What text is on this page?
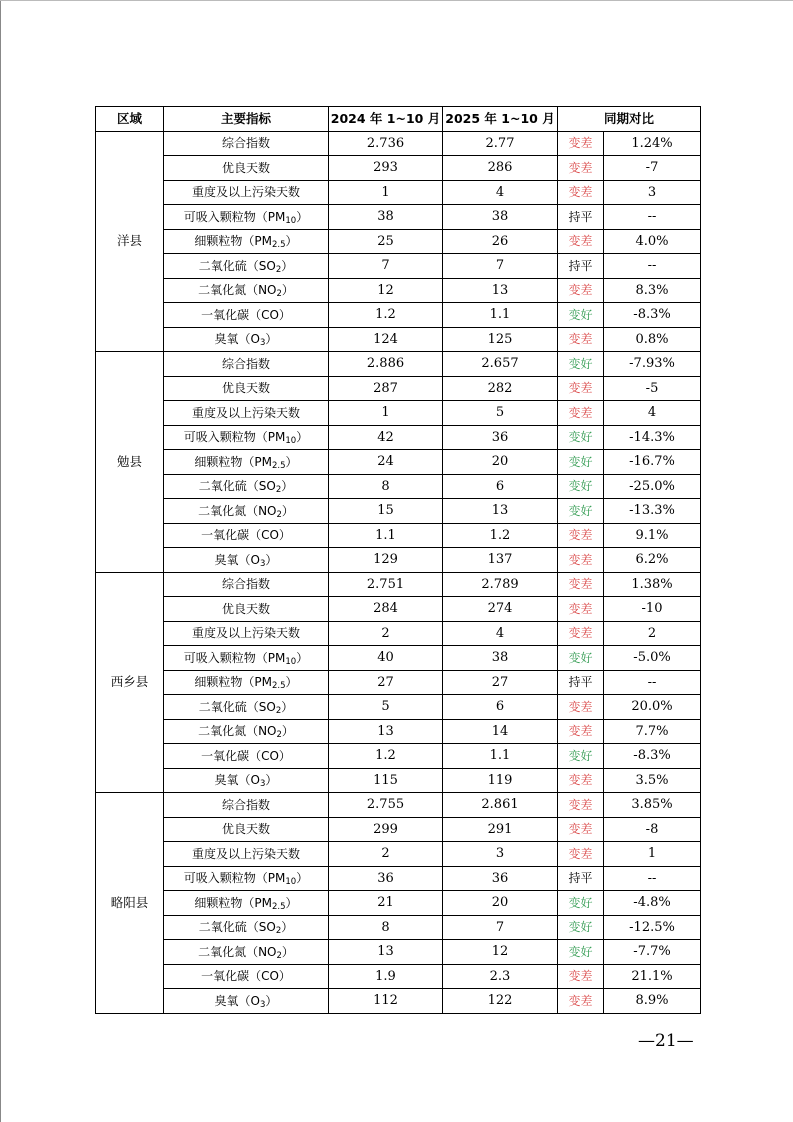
区域	主要指标	2024 年 1~10 月	2025 年 1~10 月	同期对比	
洋县	综合指数	2.736	2.77	变差	1.24%
	优良天数	293	286	变差	-7
	重度及以上污染天数	1	4	变差	3
	可吸入颗粒物$(PM_{10})$	38	38	持平	--
	细颗粒物$(PM_{2.5})$	25	26	变差	4.0%
	二氧化硫$(SO_2)$	7	7	持平	--
	二氧化氮$(NO_2)$	12	13	变差	8.3%
	一氧化碳（CO）	1.2	1.1	变好	-8.3%
	臭氧$(O_3)$	124	125	变差	0.8%
勉县	综合指数	2.886	2.657	变好	-7.93%
	优良天数	287	282	变差	-5
	重度及以上污染天数	1	5	变差	4
	可吸入颗粒物$(PM_{10})$	42	36	变好	-14.3%
	细颗粒物$(PM_{2.5})$	24	20	变好	-16.7%
	二氧化硫$(SO_2)$	8	6	变好	-25.0%
	二氧化氮$(NO_2)$	15	13	变好	-13.3%
	一氧化碳（CO）	1.1	1.2	变差	9.1%
	臭氧$(O_3)$	129	137	变差	6.2%
西乡县	综合指数	2.751	2.789	变差	1.38%
	优良天数	284	274	变差	-10
	重度及以上污染天数	2	4	变差	2
	可吸入颗粒物$(PM_{10})$	40	38	变好	-5.0%
	细颗粒物$(PM_{2.5})$	27	27	持平	--
	二氧化硫$(SO_2)$	5	6	变差	20.0%
	二氧化氮$(NO_2)$	13	14	变差	7.7%
	一氧化碳（CO）	1.2	1.1	变好	-8.3%
	臭氧$(O_3)$	115	119	变差	3.5%
略阳县	综合指数	2.755	2.861	变差	3.85%
	优良天数	299	291	变差	-8
	重度及以上污染天数	2	3	变差	1
	可吸入颗粒物$(PM_{10})$	36	36	持平	--
	细颗粒物$(PM_{2.5})$	21	20	变好	-4.8%
	二氧化硫$(SO_2)$	8	7	变好	-12.5%
	二氧化氮$(NO_2)$	13	12	变好	-7.7%
	一氧化碳（CO）	1.9	2.3	变差	21.1%
	臭氧$(O_3)$	112	122	变差	8.9%
—21—
